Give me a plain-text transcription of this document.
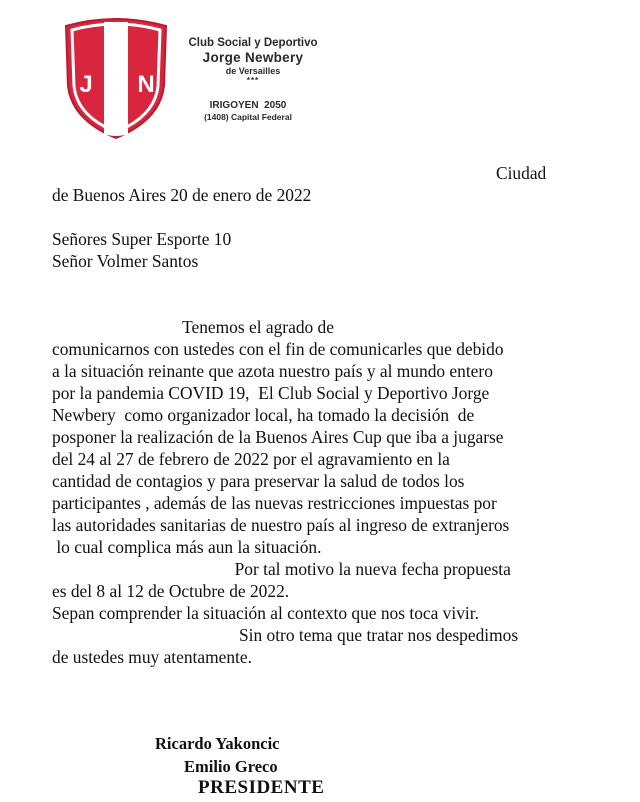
J N
Club Social y Deportivo
Jorge Newbery
de Versailles
***
IRIGOYEN  2050
(1408) Capital Federal
Ciudad
de Buenos Aires 20 de enero de 2022
Señores Super Esporte 10
Señor Volmer Santos
Tenemos el agrado de
comunicarnos con ustedes con el fin de comunicarles que debido
a la situación reinante que azota nuestro país y al mundo entero
por la pandemia COVID 19,  El Club Social y Deportivo Jorge
Newbery  como organizador local, ha tomado la decisión  de
posponer la realización de la Buenos Aires Cup que iba a jugarse
del 24 al 27 de febrero de 2022 por el agravamiento en la
cantidad de contagios y para preservar la salud de todos los
participantes , además de las nuevas restricciones impuestas por
las autoridades sanitarias de nuestro país al ingreso de extranjeros
lo cual complica más aun la situación.
Por tal motivo la nueva fecha propuesta
es del 8 al 12 de Octubre de 2022.
Sepan comprender la situación al contexto que nos toca vivir.
Sin otro tema que tratar nos despedimos
de ustedes muy atentamente.
Ricardo Yakoncic
Emilio Greco
PRESIDENTE
